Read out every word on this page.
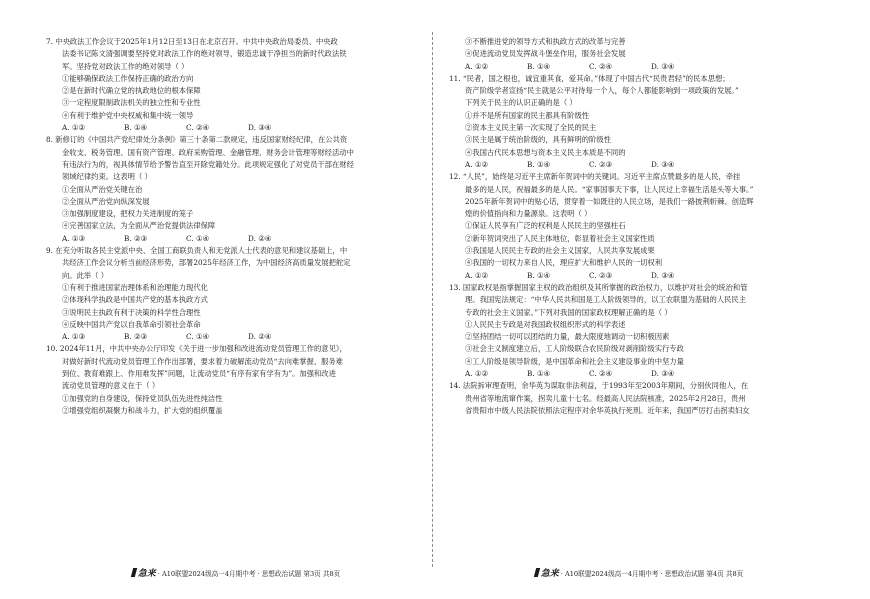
7. 中央政法工作会议于2025年1月12日至13日在北京召开。中共中央政治局委员、中央政
法委书记陈文清强调要坚持党对政法工作的绝对领导，锻造忠诚干净担当的新时代政法铁
军。坚持党对政法工作的绝对领导（ ）
①能够确保政法工作保持正确的政治方向
②是在新时代确立党的执政地位的根本保障
③一定程度限制政法机关的独立性和专业性
④有利于维护党中央权威和集中统一领导
A. ①②	B. ①④	C. ②④	D. ③④
8. 新修订的《中国共产党纪律处分条例》第三十条第二款规定，违反国家财经纪律，在公共资
金收支、税务管理、国有资产管理、政府采购管理、金融管理、财务会计管理等财经活动中
有违法行为的，视具体情节给予警告直至开除党籍处分。此项规定强化了对党员干部在财经
领域纪律约束。这表明（ ）
①全面从严治党关键在治
②全面从严治党向纵深发展
③加强制度建设，把权力关进制度的笼子
④完善国家立法，为全面从严治党提供法律保障
A. ①③	B. ②③	C. ①④	D. ②④
9. 在充分听取各民主党派中央、全国工商联负责人和无党派人士代表的意见和建议基础上，中
共经济工作会议分析当前经济形势，部署2025年经济工作，为中国经济高质量发展把舵定
向。此举（ ）
①有利于推进国家治理体系和治理能力现代化
②体现科学执政是中国共产党的基本执政方式
③说明民主执政有利于决策的科学性合理性
④反映中国共产党以自我革命引领社会革命
A. ①③	B. ②③	C. ①④	D. ②④
10. 2024年11月，中共中央办公厅印发《关于进一步加强和改进流动党员管理工作的意见》，
对做好新时代流动党员管理工作作出部署，要求着力破解流动党员“去向难掌握、服务难
到位、教育难跟上、作用难发挥”问题，让流动党员“有序有家有学有为”。加强和改进
流动党员管理的意义在于（ ）
①加强党的自身建设，保持党员队伍先进性纯洁性
②增强党组织凝聚力和战斗力，扩大党的组织覆盖
急来 · A10联盟2024级高一4月期中考 · 思想政治试题 第3页 共8页
③不断推进党的领导方式和执政方式的改革与完善
④促进流动党员发挥战斗堡垒作用，服务社会发展
A. ①②	B. ①④	C. ②④	D. ③④
11. “民者，国之根也，诚宜重其食，爱其命。”体现了中国古代“民贵君轻”的民本思想；
资产阶级学者宣扬“民主就是公平对待每一个人，每个人都能影响到一项政策的发展。”
下列关于民主的认识正确的是（ ）
①并不是所有国家的民主都具有阶级性
②资本主义民主第一次实现了全民的民主
③民主是属于统治阶级的，具有鲜明的阶级性
④我国古代民本思想与资本主义民主本质是不同的
A. ①②	B. ①④	C. ②③	D. ③④
12. “人民”，始终是习近平主席新年贺词中的关键词。习近平主席点赞最多的是人民，牵挂
最多的是人民，祝福最多的是人民。“家事国事天下事，让人民过上幸福生活是头等大事。”
2025年新年贺词中的贴心话，贯穿着一如既往的人民立场，是我们一路披荆斩棘、创造辉
煌的价值指向和力量源泉。这表明（ ）
①保证人民享有广泛的权利是人民民主的坚强柱石
②新年贺词突出了人民主体地位，彰显着社会主义国家性质
③我国是人民民主专政的社会主义国家，人民共享发展成果
④我国的一切权力来自人民，理应扩大和维护人民的一切权利
A. ①②	B. ①④	C. ②③	D. ③④
13. 国家政权是指掌握国家主权的政治组织及其所掌握的政治权力，以维护对社会的统治和管
理。我国宪法规定：“中华人民共和国是工人阶级领导的，以工农联盟为基础的人民民主
专政的社会主义国家。”下列对我国的国家政权理解正确的是（ ）
①人民民主专政是对我国政权组织形式的科学表述
②坚持团结一切可以团结的力量，最大限度地调动一切积极因素
③社会主义制度建立后，工人阶级联合农民阶级对剥削阶级实行专政
④工人阶级是领导阶级，是中国革命和社会主义建设事业的中坚力量
A. ①②	B. ①④	C. ②④	D. ③④
14. 法院拆审理查明，余华英为谋取非法利益，于1993年至2003年期间，分别伙同他人，在
贵州省等地流窜作案，拐卖儿童十七名。经最高人民法院核准，2025年2月28日，贵州
省贵阳市中级人民法院依照法定程序对余华英执行死刑。近年来，我国严厉打击拐卖妇女
急来 · A10联盟2024级高一4月期中考 · 思想政治试题 第4页 共8页
